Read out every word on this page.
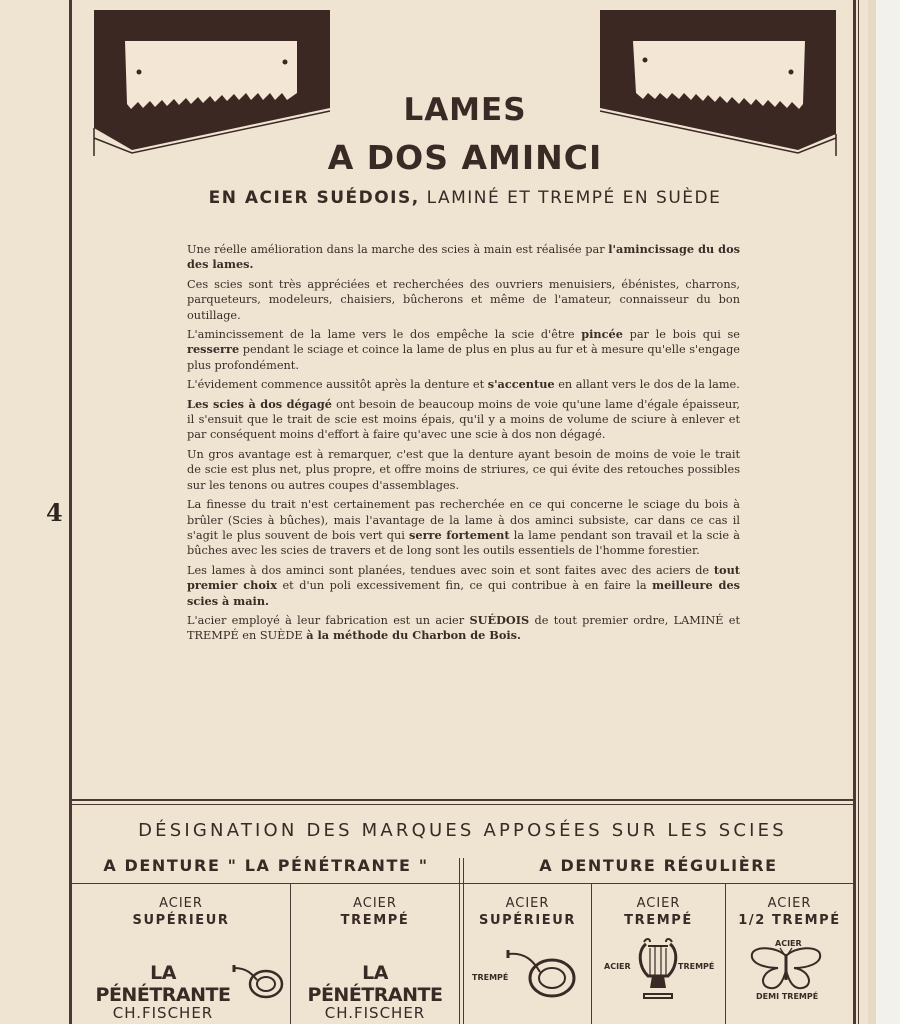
4
LAMES
A DOS AMINCI
EN ACIER SUÉDOIS, LAMINÉ ET TREMPÉ EN SUÈDE

Une réelle amélioration dans la marche des scies à main est réalisée par l'amincissage du dos des lames.

Ces scies sont très appréciées et recherchées des ouvriers menuisiers, ébénistes, charrons, parqueteurs, modeleurs, chaisiers, bûcherons et même de l'amateur, connaisseur du bon outillage.

L'amincissement de la lame vers le dos empêche la scie d'être pincée par le bois qui se resserre pendant le sciage et coince la lame de plus en plus au fur et à mesure qu'elle s'engage plus profondément.

L'évidement commence aussitôt après la denture et s'accentue en allant vers le dos de la lame.

Les scies à dos dégagé ont besoin de beaucoup moins de voie qu'une lame d'égale épaisseur, il s'ensuit que le trait de scie est moins épais, qu'il y a moins de volume de sciure à enlever et par conséquent moins d'effort à faire qu'avec une scie à dos non dégagé.

Un gros avantage est à remarquer, c'est que la denture ayant besoin de moins de voie le trait de scie est plus net, plus propre, et offre moins de striures, ce qui évite des retouches possibles sur les tenons ou autres coupes d'assemblages.

La finesse du trait n'est certainement pas recherchée en ce qui concerne le sciage du bois à brûler (Scies à bûches), mais l'avantage de la lame à dos aminci subsiste, car dans ce cas il s'agit le plus souvent de bois vert qui serre fortement la lame pendant son travail et la scie à bûches avec les scies de travers et de long sont les outils essentiels de l'homme forestier.

Les lames à dos aminci sont planées, tendues avec soin et sont faites avec des aciers de tout premier choix et d'un poli excessivement fin, ce qui contribue à en faire la meilleure des scies à main.

L'acier employé à leur fabrication est un acier SUÉDOIS de tout premier ordre, LAMINÉ et TREMPÉ en SUÈDE à la méthode du Charbon de Bois.

DÉSIGNATION DES MARQUES APPOSÉES SUR LES SCIES
A DENTURE " LA PÉNÉTRANTE "	A DENTURE RÉGULIÈRE
ACIER
SUPÉRIEUR
ACIER
TREMPÉ
ACIER
SUPÉRIEUR
ACIER
TREMPÉ
ACIER
1/2 TREMPÉ
LA PÉNÉTRANTE
CH.FISCHER
LA PÉNÉTRANTE
CH.FISCHER
TREMPÉ
ACIER	TREMPÉ
ACIER
DEMI TREMPÉ
